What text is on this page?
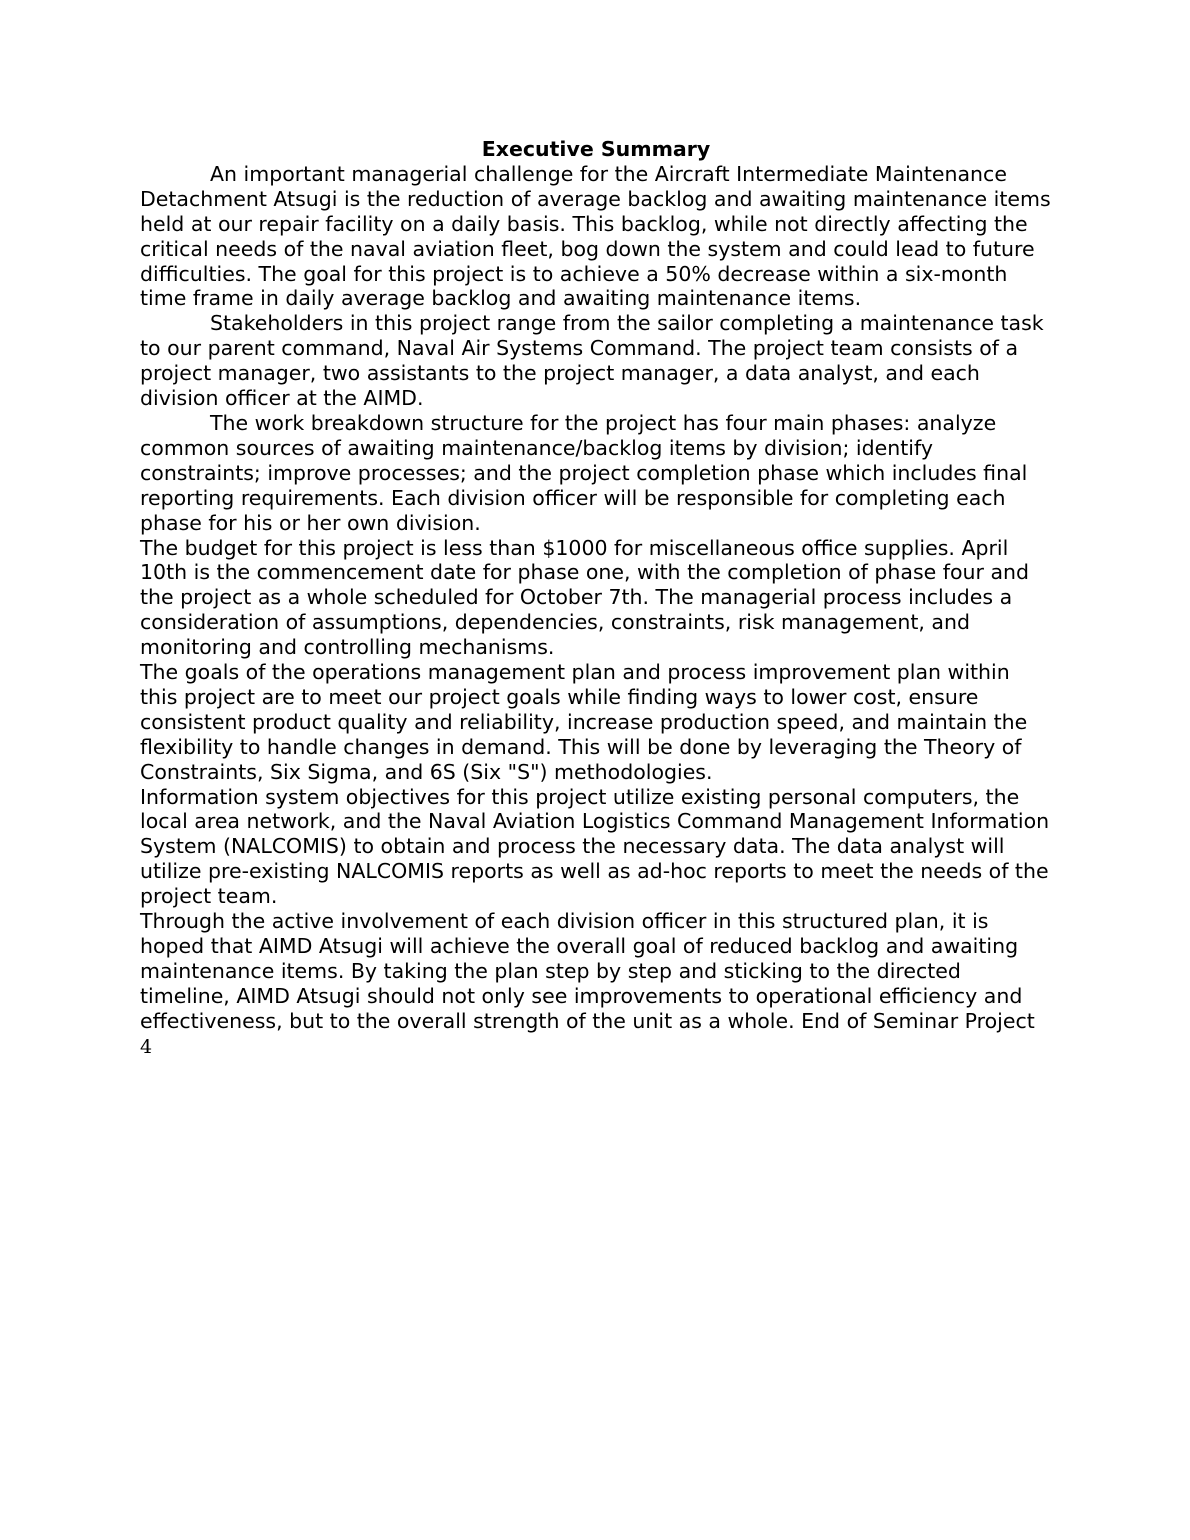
Executive Summary

An important managerial challenge for the Aircraft Intermediate Maintenance Detachment Atsugi is the reduction of average backlog and awaiting maintenance items held at our repair facility on a daily basis. This backlog, while not directly affecting the critical needs of the naval aviation fleet, bog down the system and could lead to future difficulties. The goal for this project is to achieve a 50% decrease within a six-month time frame in daily average backlog and awaiting maintenance items.

Stakeholders in this project range from the sailor completing a maintenance task to our parent command, Naval Air Systems Command. The project team consists of a project manager, two assistants to the project manager, a data analyst, and each division officer at the AIMD.

The work breakdown structure for the project has four main phases: analyze common sources of awaiting maintenance/backlog items by division; identify constraints; improve processes; and the project completion phase which includes final reporting requirements. Each division officer will be responsible for completing each phase for his or her own division.

The budget for this project is less than $1000 for miscellaneous office supplies. April 10th is the commencement date for phase one, with the completion of phase four and the project as a whole scheduled for October 7th. The managerial process includes a consideration of assumptions, dependencies, constraints, risk management, and monitoring and controlling mechanisms.

The goals of the operations management plan and process improvement plan within this project are to meet our project goals while finding ways to lower cost, ensure consistent product quality and reliability, increase production speed, and maintain the flexibility to handle changes in demand. This will be done by leveraging the Theory of Constraints, Six Sigma, and 6S (Six "S") methodologies.

Information system objectives for this project utilize existing personal computers, the local area network, and the Naval Aviation Logistics Command Management Information System (NALCOMIS) to obtain and process the necessary data. The data analyst will utilize pre-existing NALCOMIS reports as well as ad-hoc reports to meet the needs of the project team.

Through the active involvement of each division officer in this structured plan, it is hoped that AIMD Atsugi will achieve the overall goal of reduced backlog and awaiting maintenance items. By taking the plan step by step and sticking to the directed timeline, AIMD Atsugi should not only see improvements to operational efficiency and effectiveness, but to the overall strength of the unit as a whole. End of Seminar Project 4
